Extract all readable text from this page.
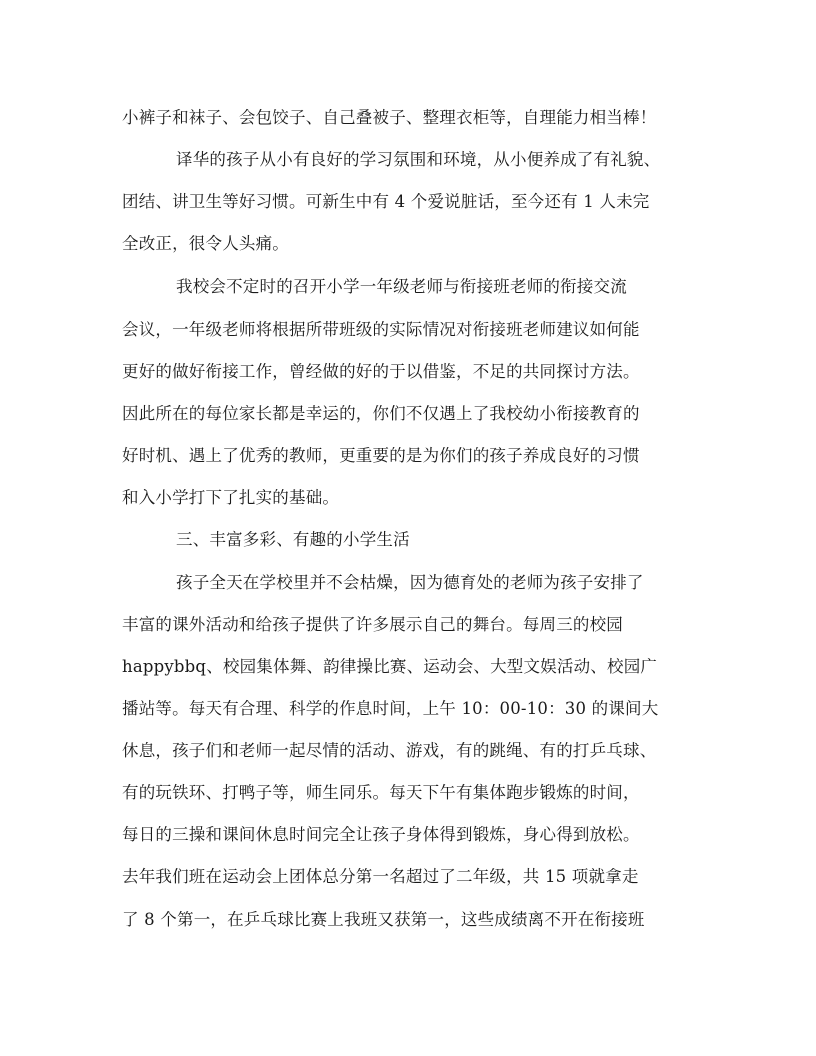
小裤子和袜子、会包饺子、自己叠被子、整理衣柜等，自理能力相当棒！
译华的孩子从小有良好的学习氛围和环境，从小便养成了有礼貌、
团结、讲卫生等好习惯。可新生中有 4 个爱说脏话，至今还有 1 人未完
全改正，很令人头痛。
我校会不定时的召开小学一年级老师与衔接班老师的衔接交流
会议，一年级老师将根据所带班级的实际情况对衔接班老师建议如何能
更好的做好衔接工作，曾经做的好的于以借鉴，不足的共同探讨方法。
因此所在的每位家长都是幸运的，你们不仅遇上了我校幼小衔接教育的
好时机、遇上了优秀的教师，更重要的是为你们的孩子养成良好的习惯
和入小学打下了扎实的基础。
三、丰富多彩、有趣的小学生活
孩子全天在学校里并不会枯燥，因为德育处的老师为孩子安排了
丰富的课外活动和给孩子提供了许多展示自己的舞台。每周三的校园
happybbq、校园集体舞、韵律操比赛、运动会、大型文娱活动、校园广
播站等。每天有合理、科学的作息时间，上午 10：00-10：30 的课间大
休息，孩子们和老师一起尽情的活动、游戏，有的跳绳、有的打乒乓球、
有的玩铁环、打鸭子等，师生同乐。每天下午有集体跑步锻炼的时间，
每日的三操和课间休息时间完全让孩子身体得到锻炼，身心得到放松。
去年我们班在运动会上团体总分第一名超过了二年级，共 15 项就拿走
了 8 个第一，在乒乓球比赛上我班又获第一，这些成绩离不开在衔接班
